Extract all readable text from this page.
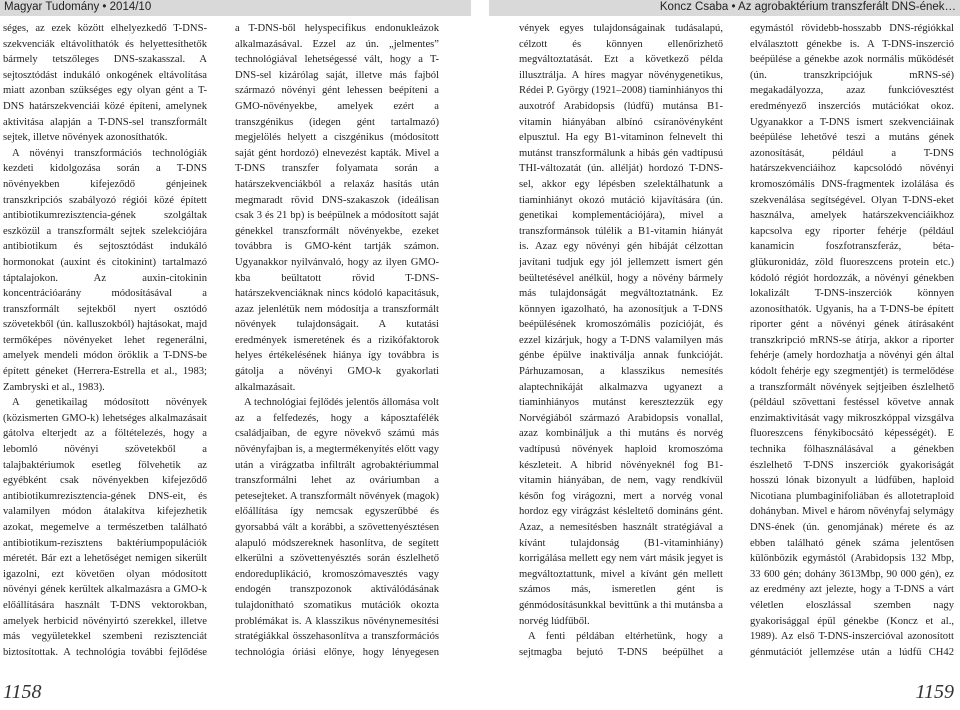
Magyar Tudomány • 2014/10	Koncz Csaba • Az agrobaktérium transzferált DNS-ének…

séges, az ezek között elhelyezkedő T-DNS-szekvenciák eltávolíthatók és helyettesíthetők bármely tetszőleges DNS-szakasszal. A sejtosztódást indukáló onkogének eltávolítása miatt azonban szükséges egy olyan gént a T-DNS határszekvenciái közé építeni, amelynek aktivitása alapján a T-DNS-sel transzformált sejtek, illetve növények azonosíthatók.

A növényi transzformációs technológiák kezdeti kidolgozása során a T-DNS növényekben kifejeződő génjeinek transzkripciós szabályozó régiói közé épített antibiotikumrezisztencia-gének szolgáltak eszközül a transzformált sejtek szelekciójára antibiotikum és sejtosztódást indukáló hormonokat (auxint és citokinint) tartalmazó táptalajokon. Az auxin-citokinin koncentrációarány módosításával a transzformált sejtekből nyert osztódó szövetekből (ún. kalluszokból) hajtásokat, majd termőképes növényeket lehet regenerálni, amelyek mendeli módon öröklik a T-DNS-be épített géneket (Herrera-Estrella et al., 1983; Zambryski et al., 1983).

A genetikailag módosított növények (közismerten GMO-k) lehetséges alkalmazásait gátolva elterjedt az a föltételezés, hogy a lebomló növényi szövetekből a talajbaktériumok esetleg fölvehetik az egyébként csak növényekben kifejeződő antibiotikumrezisztencia-gének DNS-eit, és valamilyen módon átalakítva kifejezhetik azokat, megemelve a természetben található antibiotikum-rezisztens baktériumpopulációk méretét. Bár ezt a lehetőséget nemigen sikerült igazolni, ezt követően olyan módosított növényi gének kerültek alkalmazásra a GMO-k előállítására használt T-DNS vektorokban, amelyek herbicid növényirtó szerekkel, illetve más vegyületekkel szembeni rezisztenciát biztosítottak. A technológia további fejlődése

a T-DNS-ből helyspecifikus endonukleázok alkalmazásával. Ezzel az ún. „jelmentes” technológiával lehetségessé vált, hogy a T-DNS-sel kizárólag saját, illetve más fajból származó növényi gént lehessen beépíteni a GMO-növényekbe, amelyek ezért a transzgénikus (idegen gént tartalmazó) megjelölés helyett a ciszgénikus (módosított saját gént hordozó) elnevezést kapták. Mivel a T-DNS transzfer folyamata során a határszekvenciákból a relaxáz hasítás után megmaradt rövid DNS-szakaszok (ideálisan csak 3 és 21 bp) is beépülnek a módosított saját génekkel transzformált növényekbe, ezeket továbbra is GMO-ként tartják számon. Ugyanakkor nyilvánvaló, hogy az ilyen GMO-kba beültatott rövid T-DNS-határszekvenciáknak nincs kódoló kapacitásuk, azaz jelenlétük nem módosítja a transzformált növények tulajdonságait. A kutatási eredmények ismeretének és a rizikófaktorok helyes értékelésének hiánya így továbbra is gátolja a növényi GMO-k gyakorlati alkalmazásait.

A technológiai fejlődés jelentős állomása volt az a felfedezés, hogy a káposztafélék családjaiban, de egyre növekvő számú más növényfajban is, a megtermékenyítés előtt vagy után a virágzatba infiltrált agrobaktériummal transzformálni lehet az ováriumban a petesejteket. A transzformált növények (magok) előállítása így nemcsak egyszerűbbé és gyorsabbá vált a korábbi, a szövettenyésztésen alapuló módszereknek hasonlítva, de segített elkerülni a szövettenyésztés során észlelhető endoreduplikáció, kromoszómavesztés vagy endogén transzpozonok aktiválódásának tulajdonítható szomatikus mutációk okozta problémákat is. A klasszikus növénynemesítési stratégiákkal összehasonlítva a transzformációs technológia óriási előnye, hogy lényegesen

vények egyes tulajdonságainak tudásalapú, célzott és könnyen ellenőrizhető megváltoztatását. Ezt a következő példa illusztrálja. A híres magyar növénygenetikus, Rédei P. György (1921–2008) tiaminhiányos thi auxotróf Arabidopsis (lúdfű) mutánsa B1-vitamin hiányában albínó csíranövényként elpusztul. Ha egy B1-vitaminon felnevelt thi mutánst transzformálunk a hibás gén vadtípusú THI-változatát (ún. allélját) hordozó T-DNS-sel, akkor egy lépésben szelektálhatunk a tiaminhiányt okozó mutáció kijavítására (ún. genetikai komplementációjára), mivel a transzformánsok túlélik a B1-vitamin hiányát is. Azaz egy növényi gén hibáját célzottan javítani tudjuk egy jól jellemzett ismert gén beültetésével anélkül, hogy a növény bármely más tulajdonságát megváltoztatnánk. Ez könnyen igazolható, ha azonosítjuk a T-DNS beépülésének kromoszómális pozícióját, és ezzel kizárjuk, hogy a T-DNS valamilyen más génbe épülve inaktiválja annak funkcióját. Párhuzamosan, a klasszikus nemesítés alaptechnikáját alkalmazva ugyanezt a tiaminhiányos mutánst keresztezzük egy Norvégiából származó Arabidopsis vonallal, azaz kombináljuk a thi mutáns és norvég vadtípusú növények haploid kromoszóma készleteit. A hibrid növényeknél fog B1-vitamin hiányában, de nem, vagy rendkívül későn fog virágozni, mert a norvég vonal hordoz egy virágzást késleltető domináns gént. Azaz, a nemesítésben használt stratégiával a kívánt tulajdonság (B1-vitaminhiány) korrigálása mellett egy nem várt másik jegyet is megváltoztattunk, mivel a kívánt gén mellett számos más, ismeretlen gént is génmódosításunkkal bevittünk a thi mutánsba a norvég lúdfűből.

A fenti példában eltérhetünk, hogy a sejtmagba bejutó T-DNS beépülhet a

egymástól rövidebb-hosszabb DNS-régiókkal elválasztott génekbe is. A T-DNS-inszerció beépülése a génekbe azok normális működését (ún. transzkripciójuk mRNS-sé) megakadályozza, azaz funkcióvesztést eredményező inszerciós mutációkat okoz. Ugyanakkor a T-DNS ismert szekvenciáinak beépülése lehetővé teszi a mutáns gének azonosítását, például a T-DNS határszekvenciáihoz kapcsolódó növényi kromoszómális DNS-fragmentek izolálása és szekvenálása segítségével. Olyan T-DNS-eket használva, amelyek határszekvenciáikhoz kapcsolva egy riporter fehérje (például kanamicin foszfotranszferáz, béta-glükuronidáz, zöld fluoreszcens protein etc.) kódoló régiót hordozzák, a növényi génekben lokalizált T-DNS-inszerciók könnyen azonosíthatók. Ugyanis, ha a T-DNS-be épített riporter gént a növényi gének átírásaként transzkripció mRNS-se átírja, akkor a riporter fehérje (amely hordozhatja a növényi gén által kódolt fehérje egy szegmentjét) is termelődése a transzformált növények sejtjeiben észlelhető (például szövettani festéssel követve annak enzimaktivitását vagy mikroszkóppal vizsgálva fluoreszcens fénykibocsátó képességét). E technika fölhasználásával a génekben észlelhető T-DNS inszerciók gyakoriságát hosszú lónak bizonyult a lúdfűben, haploid Nicotiana plumbaginifoliában és allotetraploid dohányban. Mivel e három növényfaj selymágy DNS-ének (ún. genomjának) mérete és az ebben található gének száma jelentősen különbözik egymástól (Arabidopsis 132 Mbp, 33 600 gén; dohány 3613Mbp, 90 000 gén), ez az eredmény azt jelezte, hogy a T-DNS a várt véletlen eloszlással szemben nagy gyakorisággal épül génekbe (Koncz et al., 1989). Az első T-DNS-inszercióval azonosított génmutációt jellemzése után a lúdfű CH42

1158	1159
